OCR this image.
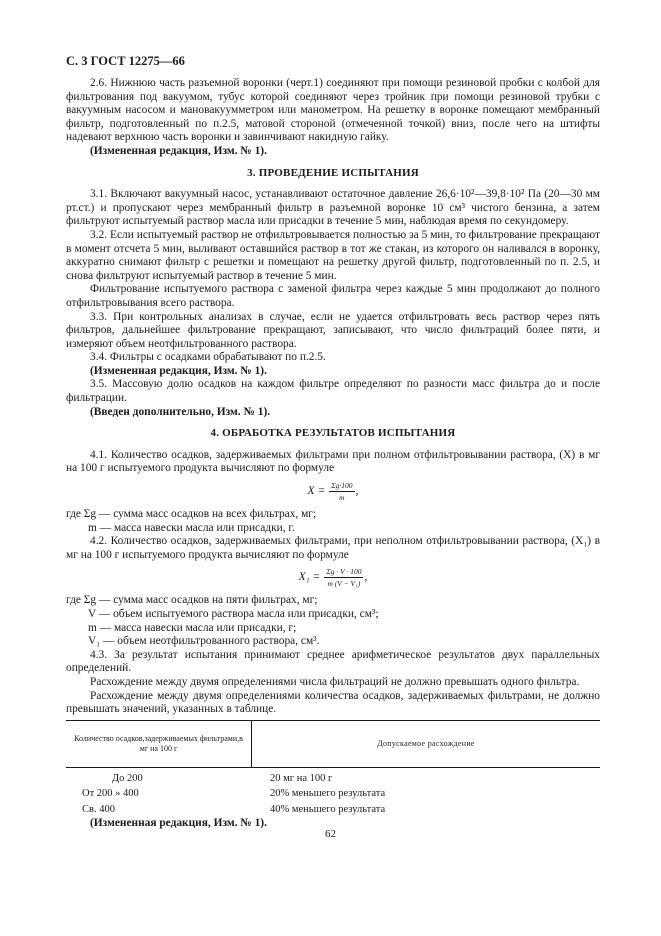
С. 3 ГОСТ 12275—66

2.6. Нижнюю часть разъемной воронки (черт.1) соединяют при помощи резиновой пробки с колбой для фильтрования под вакуумом, тубус которой соединяют через тройник при помощи резиновой трубки с вакуумным насосом и мановакуумметром или манометром. На решетку в воронке помещают мембранный фильтр, подготовленный по п.2.5, матовой стороной (отмеченной точкой) вниз, после чего на штифты надевают верхнюю часть воронки и завинчивают накидную гайку.

(Измененная редакция, Изм. № 1).

3. ПРОВЕДЕНИЕ ИСПЫТАНИЯ

3.1. Включают вакуумный насос, устанавливают остаточное давление 26,6·10²—39,8·10² Па (20—30 мм рт.ст.) и пропускают через мембранный фильтр в разъемной воронке 10 см³ чистого бензина, а затем фильтруют испытуемый раствор масла или присадки в течение 5 мин, наблюдая время по секундомеру.

3.2. Если испытуемый раствор не отфильтровывается полностью за 5 мин, то фильтрование прекращают в момент отсчета 5 мин, выливают оставшийся раствор в тот же стакан, из которого он наливался в воронку, аккуратно снимают фильтр с решетки и помещают на решетку другой фильтр, подготовленный по п. 2.5, и снова фильтруют испытуемый раствор в течение 5 мин.

Фильтрование испытуемого раствора с заменой фильтра через каждые 5 мин продолжают до полного отфильтровывания всего раствора.

3.3. При контрольных анализах в случае, если не удается отфильтровать весь раствор через пять фильтров, дальнейшее фильтрование прекращают, записывают, что число фильтраций более пяти, и измеряют объем неотфильтрованного раствора.

3.4. Фильтры с осадками обрабатывают по п.2.5.

(Измененная редакция, Изм. № 1).

3.5. Массовую долю осадков на каждом фильтре определяют по разности масс фильтра до и после фильтрации.

(Введен дополнительно, Изм. № 1).

4. ОБРАБОТКА РЕЗУЛЬТАТОВ ИСПЫТАНИЯ

4.1. Количество осадков, задерживаемых фильтрами при полном отфильтровывании раствора, (X) в мг на 100 г испытуемого продукта вычисляют по формуле

$X = \frac{\Sigma g\cdot 100}{m}$ ,

где Σg — сумма масс осадков на всех фильтрах, мг;

m — масса навески масла или присадки, г.

4.2. Количество осадков, задерживаемых фильтрами, при неполном отфильтровывании раствора, (X₁) в мг на 100 г испытуемого продукта вычисляют по формуле

$X_1 = \frac{\Sigma g \cdot V \cdot 100}{\text{m (V − V₁)}}$ ,

где Σg — сумма масс осадков на пяти фильтрах, мг;

V — объем испытуемого раствора масла или присадки, см³;

m — масса навески масла или присадки, г;

V₁ — объем неотфильтрованного раствора, см³.

4.3. За результат испытания принимают среднее арифметическое результатов двух параллельных определений.

Расхождение между двумя определениями числа фильтраций не должно превышать одного фильтра.

Расхождение между двумя определениями количества осадков, задерживаемых фильтрами, не должно превышать значений, указанных в таблице.

Количество осадков,задерживаемых фильтрами,в мг на 100 г
Допускаемое расхождение
До 200	20 мг на 100 г
От 200 » 400	20% меньшего результата
Св. 400	40% меньшего результата

(Измененная редакция, Изм. № 1).

62
